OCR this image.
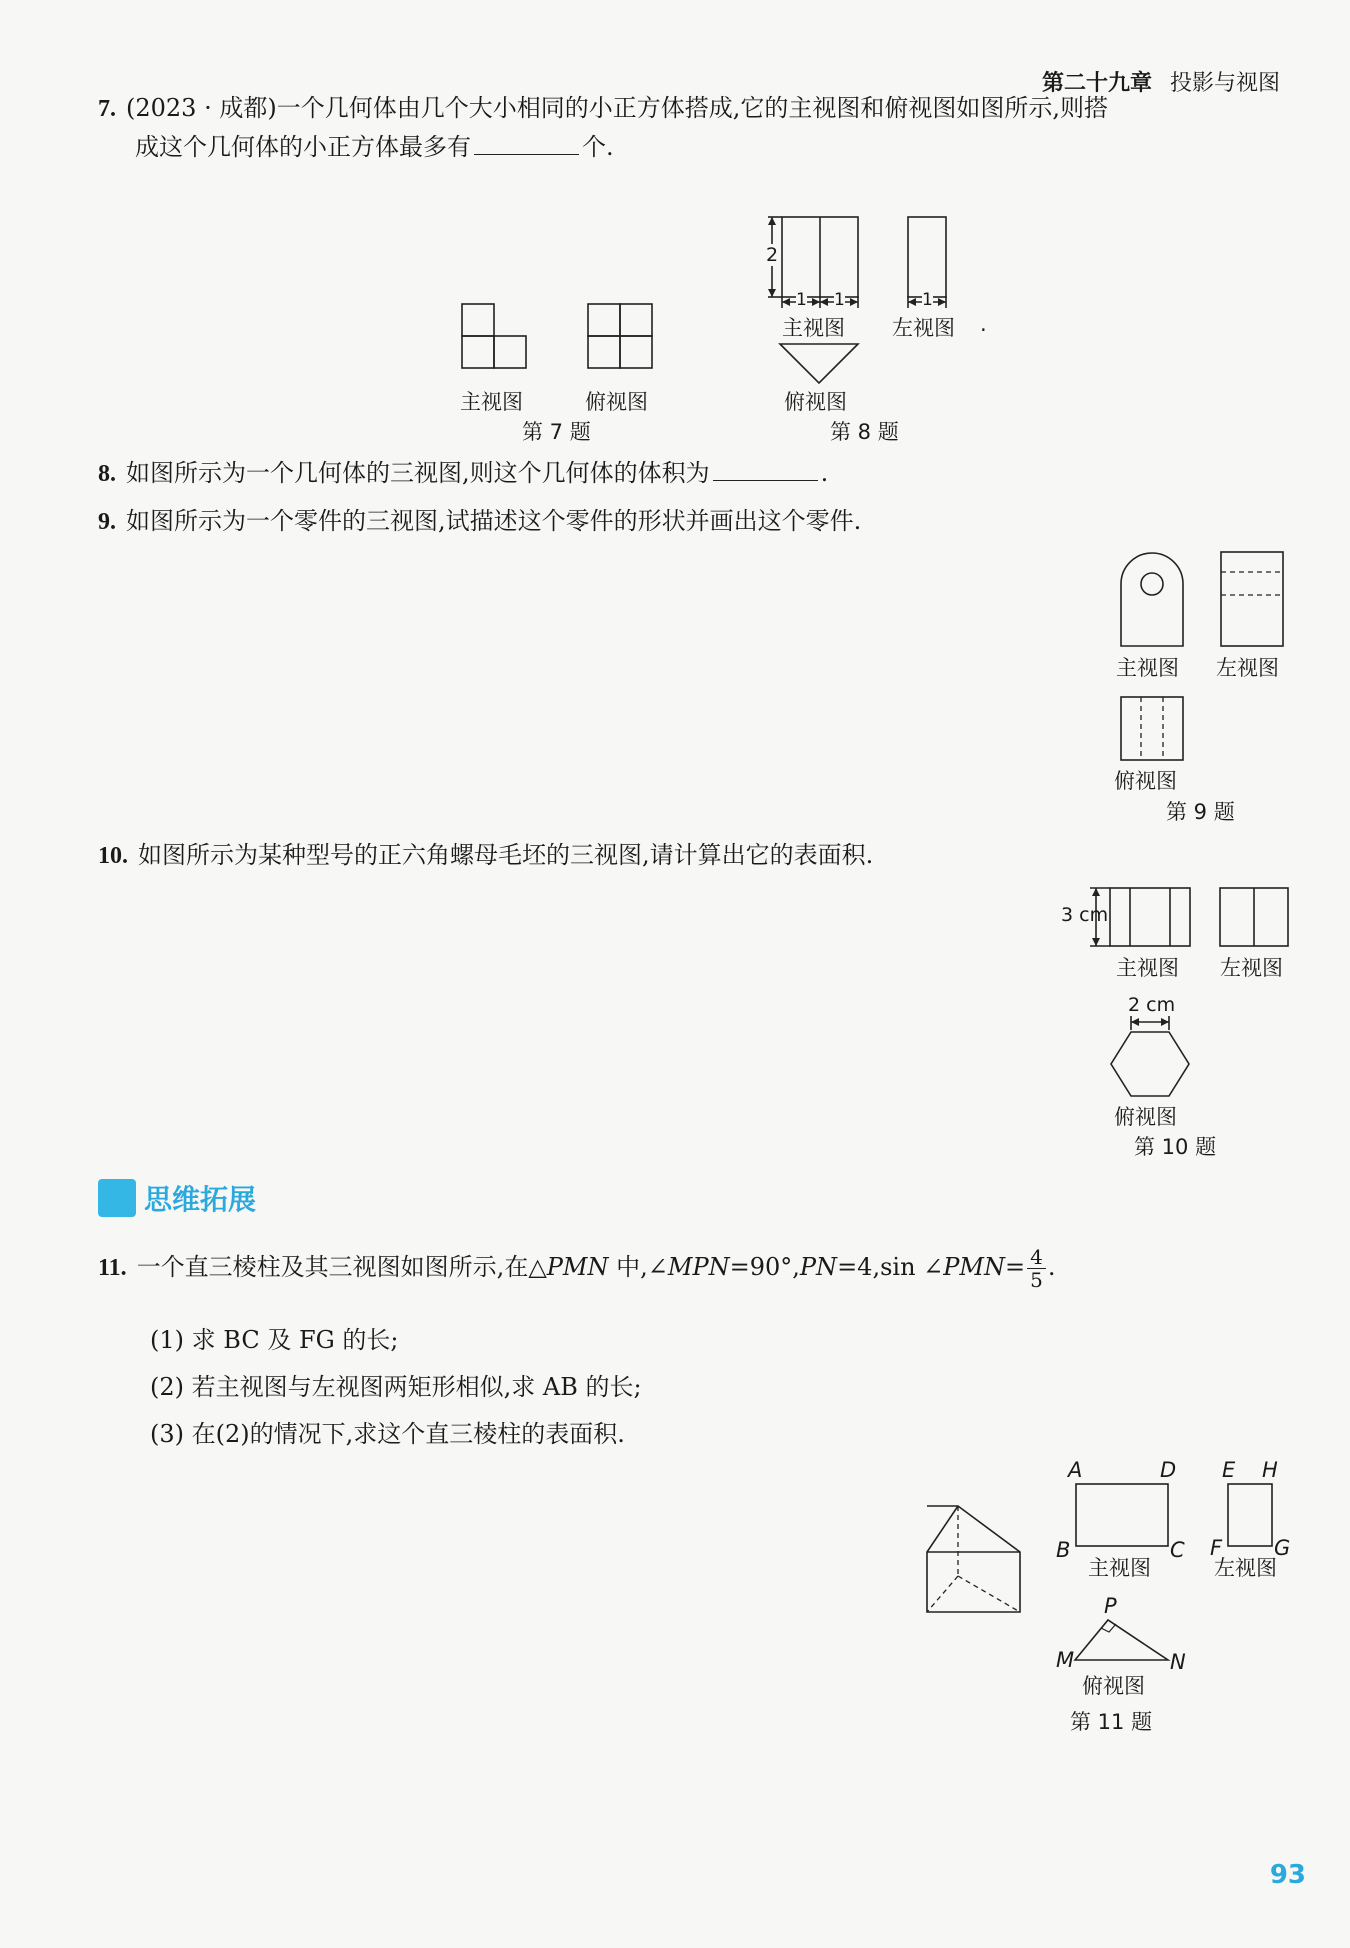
第二十九章 投影与视图
7. (2023 · 成都)一个几何体由几个大小相同的小正方体搭成,它的主视图和俯视图如图所示,则搭
成这个几何体的小正方体最多有	个.
主视图	俯视图
第 7 题
2
1 1	1
主视图 左视图 .
俯视图
第 8 题
8. 如图所示为一个几何体的三视图,则这个几何体的体积为	.
9. 如图所示为一个零件的三视图,试描述这个零件的形状并画出这个零件.
主视图 左视图
俯视图
第 9 题
10. 如图所示为某种型号的正六角螺母毛坯的三视图,请计算出它的表面积.
3 cm
主视图 左视图
2 cm
俯视图
第 10 题
思维拓展
11. 一个直三棱柱及其三视图如图所示,在△PMN 中,∠MPN=90°,PN=4,sin ∠PMN= $\frac{4}{5}$ .
(1) 求 BC 及 FG 的长;
(2) 若主视图与左视图两矩形相似,求 AB 的长;
(3) 在(2)的情况下,求这个直三棱柱的表面积.
A	D E H
B	C F G
主视图	左视图
P
M	N
俯视图
第 11 题
93
